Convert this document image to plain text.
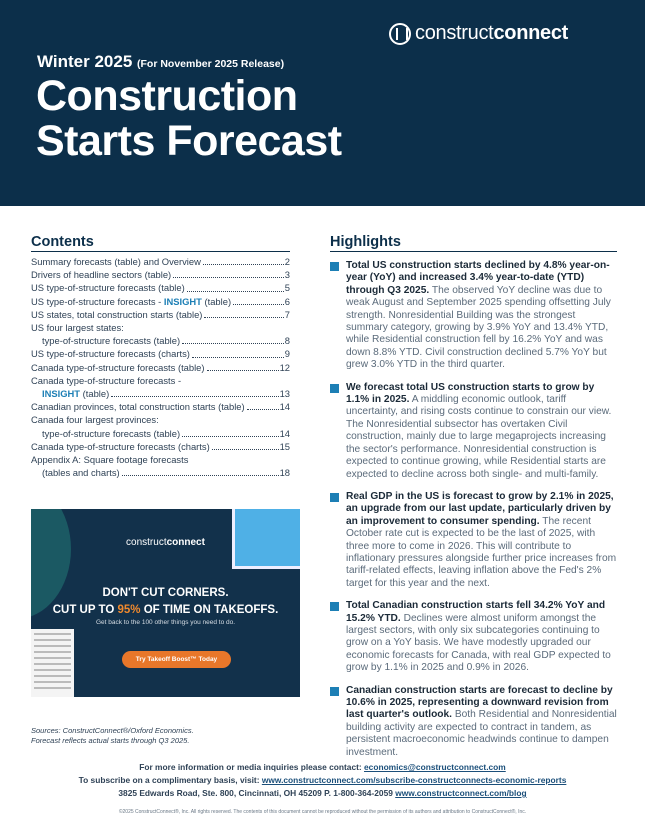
construct connect
Winter 2025 (For November 2025 Release)
Construction
Starts Forecast
Contents
Summary forecasts (table) and Overview	2
Drivers of headline sectors (table)	3
US type-of-structure forecasts (table)	5
US type-of-structure forecasts - INSIGHT (table)	6
US states, total construction starts (table)	7
US four largest states:
type-of-structure forecasts (table)	8
US type-of-structure forecasts (charts)	9
Canada type-of-structure forecasts (table)	12
Canada type-of-structure forecasts -
INSIGHT (table)	13
Canadian provinces, total construction starts (table)	14
Canada four largest provinces:
type-of-structure forecasts (table)	14
Canada type-of-structure forecasts (charts)	15
Appendix A: Square footage forecasts
(tables and charts)	18
constructconnect
DON'T CUT CORNERS.
CUT UP TO 95% OF TIME ON TAKEOFFS.
Get back to the 100 other things you need to do.
Try Takeoff Boost™ Today
Sources: ConstructConnect®/Oxford Economics.
Forecast reflects actual starts through Q3 2025.
Highlights
Total US construction starts declined by 4.8% year-on-year (YoY) and increased 3.4% year-to-date (YTD) through Q3 2025. The observed YoY decline was due to weak August and September 2025 spending offsetting July strength. Nonresidential Building was the strongest summary category, growing by 3.9% YoY and 13.4% YTD, while Residential construction fell by 16.2% YoY and was down 8.8% YTD. Civil construction declined 5.7% YoY but grew 3.0% YTD in the third quarter.
We forecast total US construction starts to grow by 1.1% in 2025. A middling economic outlook, tariff uncertainty, and rising costs continue to constrain our view. The Nonresidential subsector has overtaken Civil construction, mainly due to large megaprojects increasing the sector's performance. Nonresidential construction is expected to continue growing, while Residential starts are expected to decline across both single- and multi-family.
Real GDP in the US is forecast to grow by 2.1% in 2025, an upgrade from our last update, particularly driven by an improvement to consumer spending. The recent October rate cut is expected to be the last of 2025, with three more to come in 2026. This will contribute to inflationary pressures alongside further price increases from tariff-related effects, leaving inflation above the Fed's 2% target for this year and the next.
Total Canadian construction starts fell 34.2% YoY and 15.2% YTD. Declines were almost uniform amongst the largest sectors, with only six subcategories continuing to grow on a YoY basis. We have modestly upgraded our economic forecasts for Canada, with real GDP expected to grow by 1.1% in 2025 and 0.9% in 2026.
Canadian construction starts are forecast to decline by 10.6% in 2025, representing a downward revision from last quarter's outlook. Both Residential and Nonresidential building activity are expected to contract in tandem, as persistent macroeconomic headwinds continue to dampen investment.
For more information or media inquiries please contact: economics@constructconnect.com
To subscribe on a complimentary basis, visit: www.constructconnect.com/subscribe-constructconnects-economic-reports
3825 Edwards Road, Ste. 800, Cincinnati, OH 45209 P. 1-800-364-2059 www.constructconnect.com/blog
©2025 ConstructConnect®, Inc. All rights reserved. The contents of this document cannot be reproduced without the permission of its authors and attribution to ConstructConnect®, Inc.
